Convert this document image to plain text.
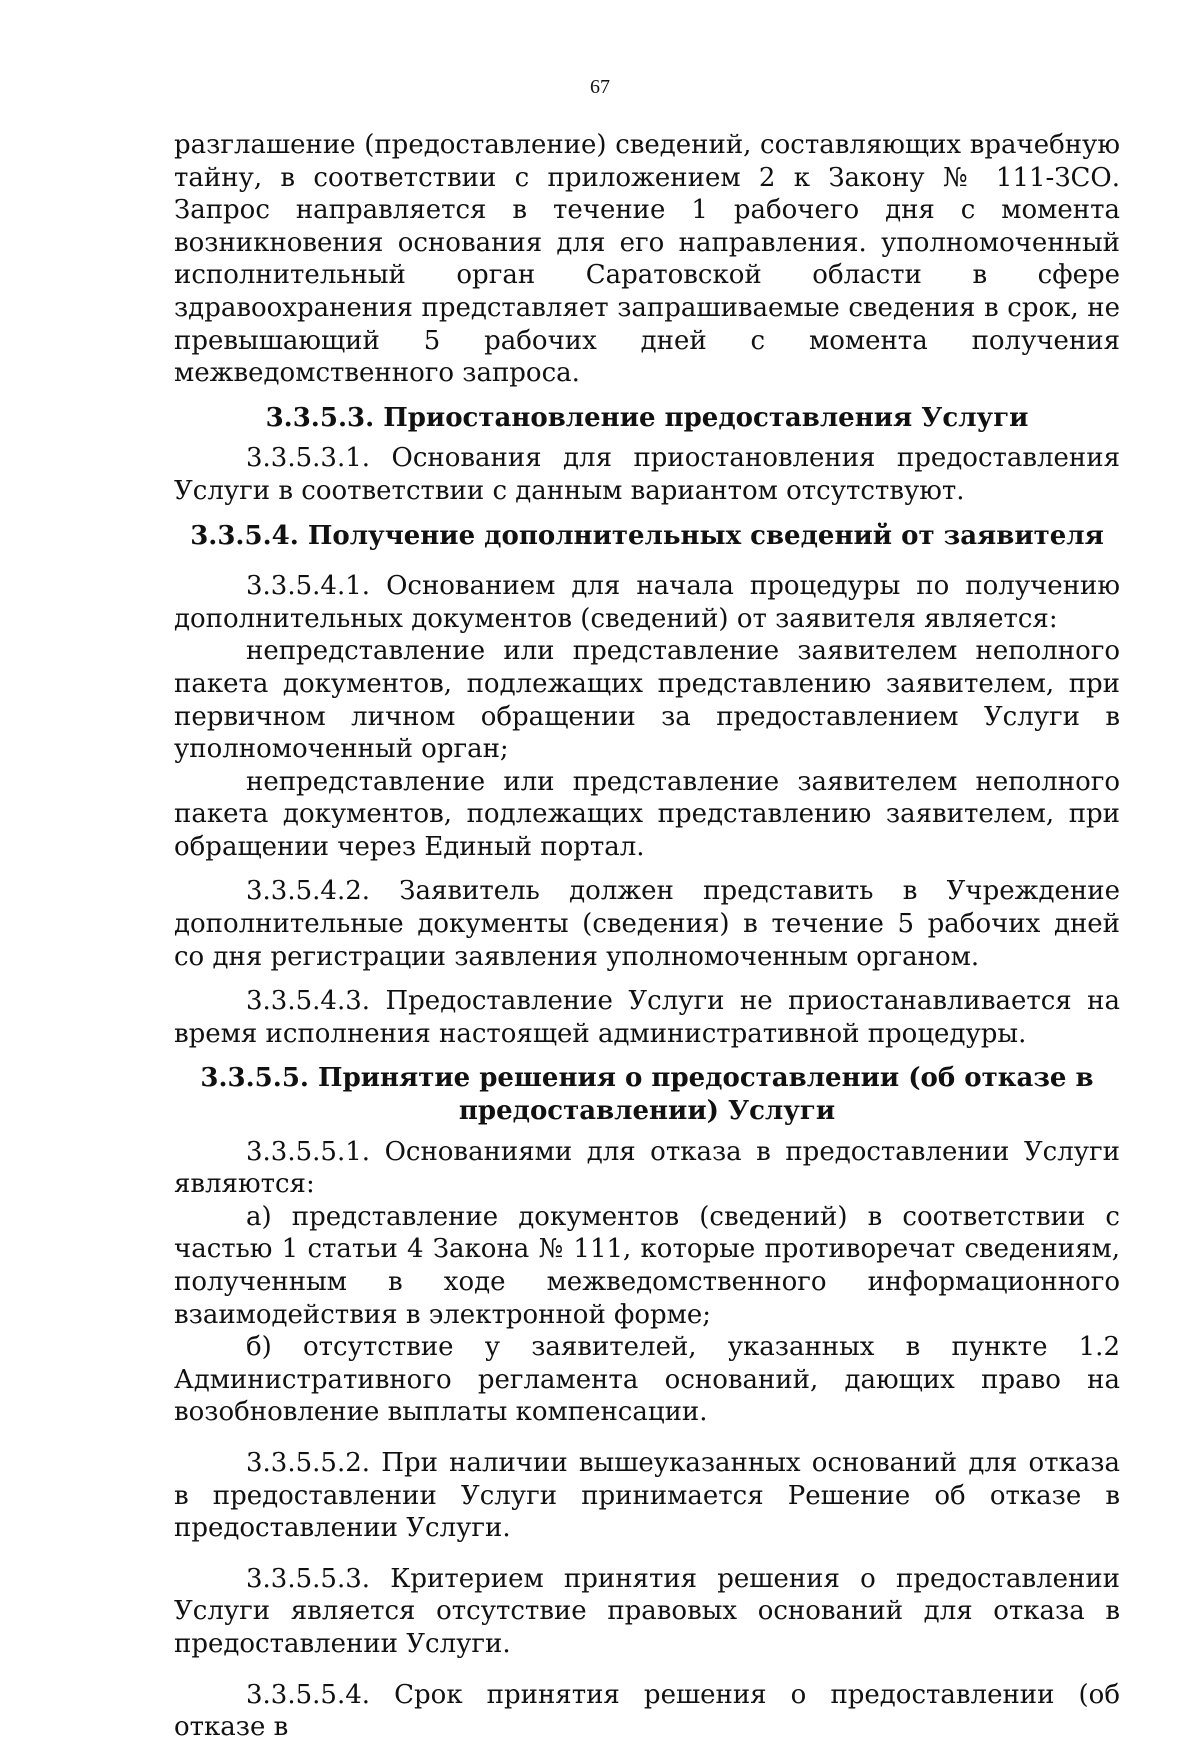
67

разглашение (предоставление) сведений, составляющих врачебную тайну, в соответствии с приложением 2 к Закону № 111-ЗСО. Запрос направляется в течение 1 рабочего дня с момента возникновения основания для его направления. уполномоченный исполнительный орган Саратовской области в сфере здравоохранения представляет запрашиваемые сведения в срок, не превышающий 5 рабочих дней с момента получения межведомственного запроса.

3.3.5.3. Приостановление предоставления Услуги

3.3.5.3.1. Основания для приостановления предоставления Услуги в соответствии с данным вариантом отсутствуют.

3.3.5.4. Получение дополнительных сведений от заявителя

3.3.5.4.1. Основанием для начала процедуры по получению дополнительных документов (сведений) от заявителя является:

непредставление или представление заявителем неполного пакета документов, подлежащих представлению заявителем, при первичном личном обращении за предоставлением Услуги в уполномоченный орган;

непредставление или представление заявителем неполного пакета документов, подлежащих представлению заявителем, при обращении через Единый портал.

3.3.5.4.2. Заявитель должен представить в Учреждение дополнительные документы (сведения) в течение 5 рабочих дней со дня регистрации заявления уполномоченным органом.

3.3.5.4.3. Предоставление Услуги не приостанавливается на время исполнения настоящей административной процедуры.

3.3.5.5. Принятие решения о предоставлении (об отказе в предоставлении) Услуги

3.3.5.5.1. Основаниями для отказа в предоставлении Услуги являются:

а) представление документов (сведений) в соответствии с частью 1 статьи 4 Закона № 111, которые противоречат сведениям, полученным в ходе межведомственного информационного взаимодействия в электронной форме;

б) отсутствие у заявителей, указанных в пункте 1.2 Административного регламента оснований, дающих право на возобновление выплаты компенсации.

3.3.5.5.2. При наличии вышеуказанных оснований для отказа в предоставлении Услуги принимается Решение об отказе в предоставлении Услуги.

3.3.5.5.3. Критерием принятия решения о предоставлении Услуги является отсутствие правовых оснований для отказа в предоставлении Услуги.

3.3.5.5.4. Срок принятия решения о предоставлении (об отказе в
